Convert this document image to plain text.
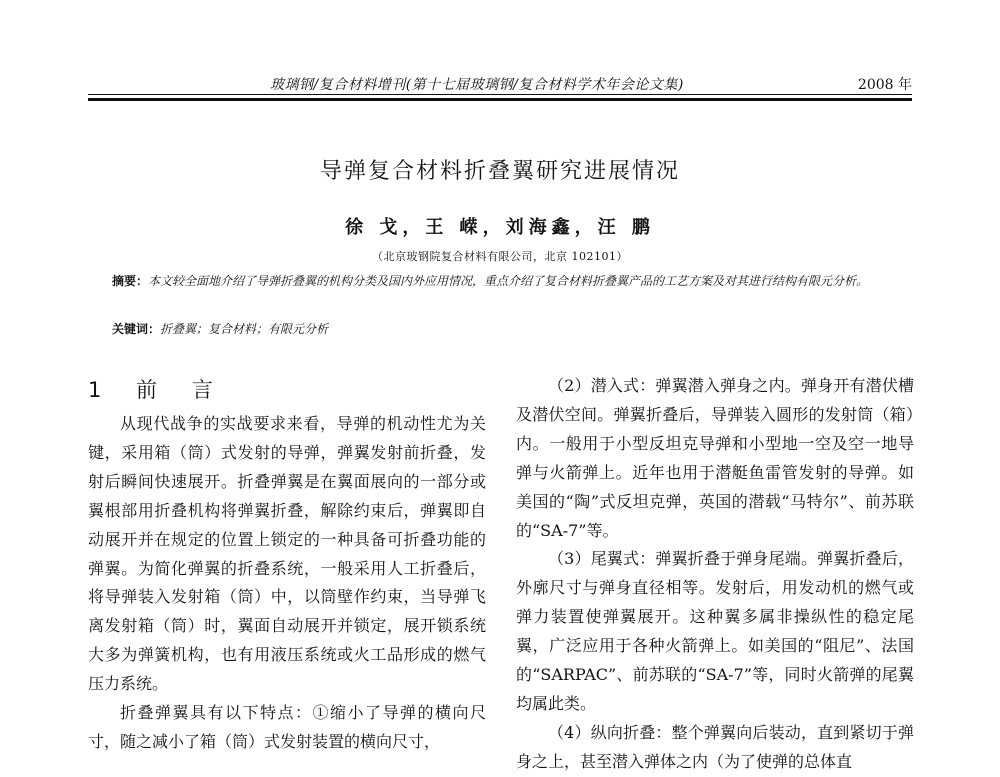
玻璃钢/复合材料增刊(第十七届玻璃钢/复合材料学术年会论文集)	2008 年
导弹复合材料折叠翼研究进展情况
徐 戈，王 嵘，刘海鑫，汪 鹏
（北京玻钢院复合材料有限公司，北京 102101）
摘要：本文较全面地介绍了导弹折叠翼的机构分类及国内外应用情况，重点介绍了复合材料折叠翼产品的工艺方案及对其进行结构有限元分析。
关键词：折叠翼；复合材料；有限元分析
1 前 言

从现代战争的实战要求来看，导弹的机动性尤为关键，采用箱（筒）式发射的导弹，弹翼发射前折叠，发射后瞬间快速展开。折叠弹翼是在翼面展向的一部分或翼根部用折叠机构将弹翼折叠，解除约束后，弹翼即自动展开并在规定的位置上锁定的一种具备可折叠功能的弹翼。为简化弹翼的折叠系统，一般采用人工折叠后，将导弹装入发射箱（筒）中，以筒壁作约束，当导弹飞离发射箱（筒）时，翼面自动展开并锁定，展开锁系统大多为弹簧机构，也有用液压系统或火工品形成的燃气压力系统。

折叠弹翼具有以下特点：①缩小了导弹的横向尺寸，随之减小了箱（筒）式发射装置的横向尺寸，

（2）潜入式：弹翼潜入弹身之内。弹身开有潜伏槽及潜伏空间。弹翼折叠后，导弹装入圆形的发射筒（箱）内。一般用于小型反坦克导弹和小型地一空及空一地导弹与火箭弹上。近年也用于潜艇鱼雷管发射的导弹。如美国的“陶”式反坦克弹，英国的潜载“马特尔”、前苏联的“SA-7”等。

（3）尾翼式：弹翼折叠于弹身尾端。弹翼折叠后，外廓尺寸与弹身直径相等。发射后，用发动机的燃气或弹力装置使弹翼展开。这种翼多属非操纵性的稳定尾翼，广泛应用于各种火箭弹上。如美国的“阻尼”、法国的“SARPAC”、前苏联的“SA-7”等，同时火箭弹的尾翼均属此类。

（4）纵向折叠：整个弹翼向后装动，直到紧切于弹身之上，甚至潜入弹体之内（为了使弹的总体直
